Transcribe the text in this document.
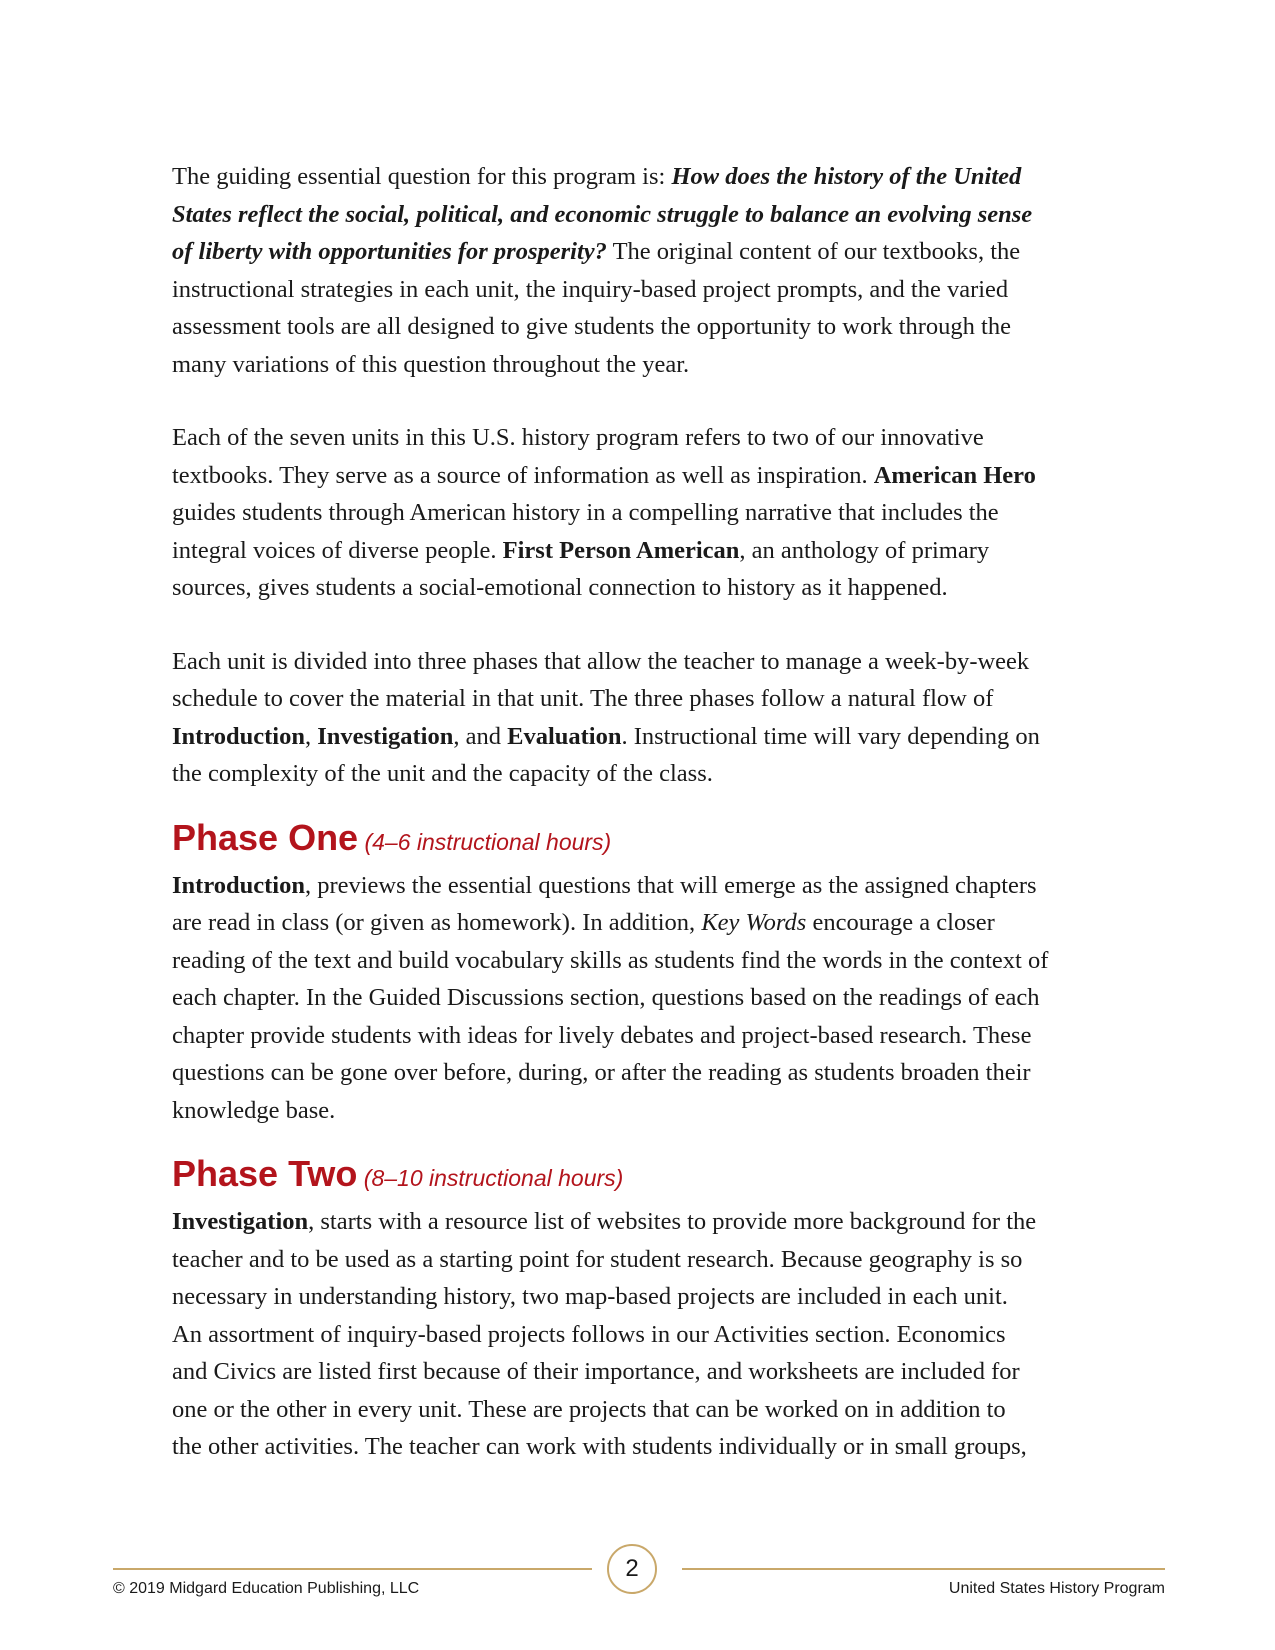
The guiding essential question for this program is: How does the history of the United
States reflect the social, political, and economic struggle to balance an evolving sense
of liberty with opportunities for prosperity? The original content of our textbooks, the
instructional strategies in each unit, the inquiry-based project prompts, and the varied
assessment tools are all designed to give students the opportunity to work through the
many variations of this question throughout the year.

Each of the seven units in this U.S. history program refers to two of our innovative
textbooks. They serve as a source of information as well as inspiration. American Hero
guides students through American history in a compelling narrative that includes the
integral voices of diverse people. First Person American, an anthology of primary
sources, gives students a social-emotional connection to history as it happened.

Each unit is divided into three phases that allow the teacher to manage a week-by-week
schedule to cover the material in that unit. The three phases follow a natural flow of
Introduction, Investigation, and Evaluation. Instructional time will vary depending on
the complexity of the unit and the capacity of the class.

Phase One (4–6 instructional hours)

Introduction, previews the essential questions that will emerge as the assigned chapters
are read in class (or given as homework). In addition, Key Words encourage a closer
reading of the text and build vocabulary skills as students find the words in the context of
each chapter. In the Guided Discussions section, questions based on the readings of each
chapter provide students with ideas for lively debates and project-based research. These
questions can be gone over before, during, or after the reading as students broaden their
knowledge base.

Phase Two (8–10 instructional hours)

Investigation, starts with a resource list of websites to provide more background for the
teacher and to be used as a starting point for student research. Because geography is so
necessary in understanding history, two map-based projects are included in each unit.
An assortment of inquiry-based projects follows in our Activities section. Economics
and Civics are listed first because of their importance, and worksheets are included for
one or the other in every unit. These are projects that can be worked on in addition to
the other activities. The teacher can work with students individually or in small groups,

2
© 2019 Midgard Education Publishing, LLC	United States History Program
